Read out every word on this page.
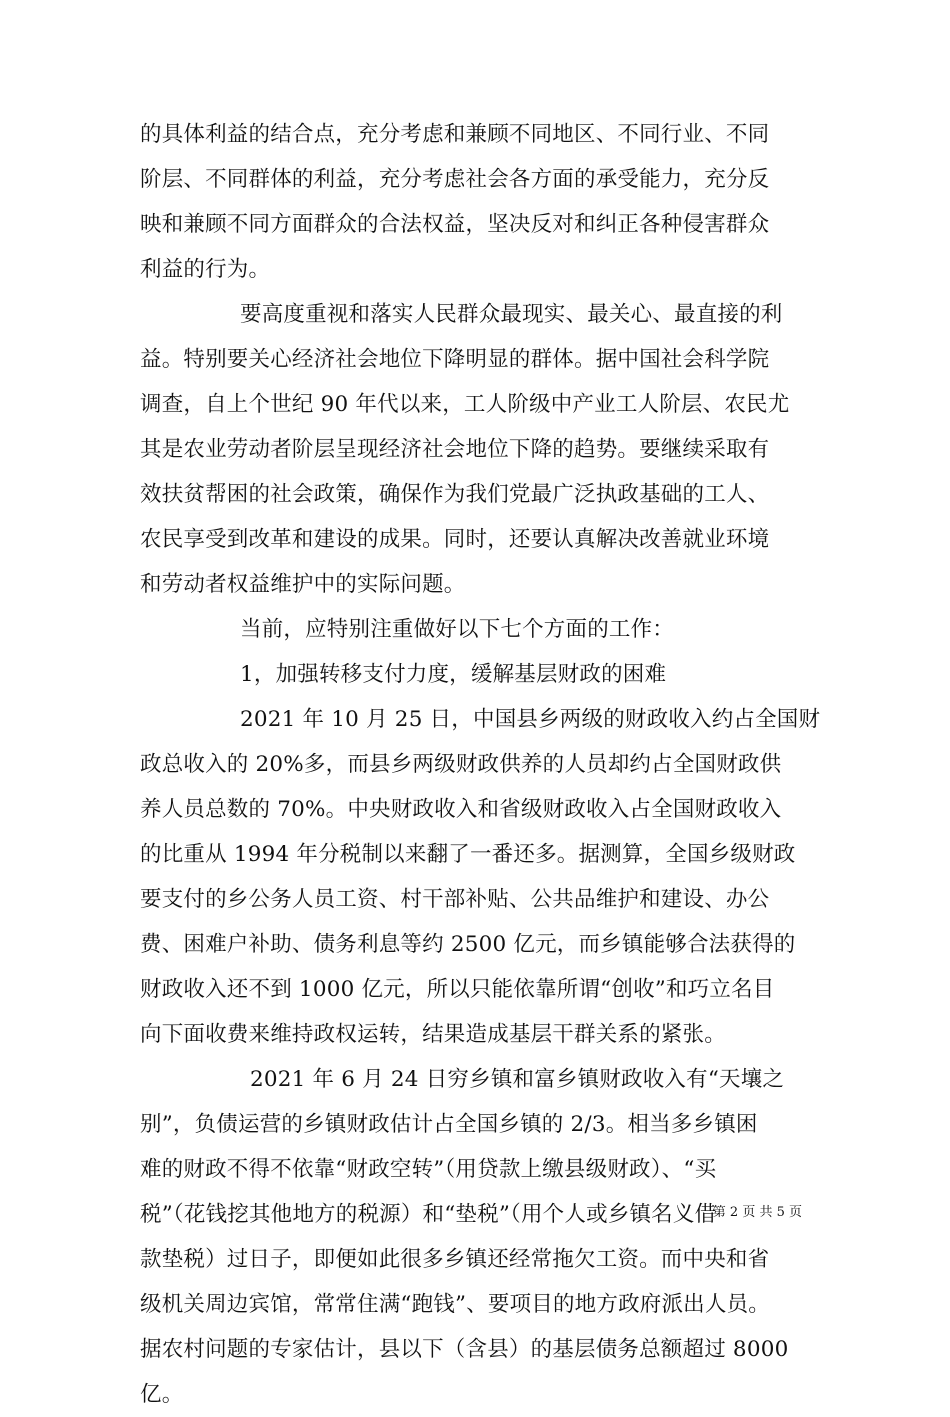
的具体利益的结合点，充分考虑和兼顾不同地区、不同行业、不同
阶层、不同群体的利益，充分考虑社会各方面的承受能力，充分反
映和兼顾不同方面群众的合法权益，坚决反对和纠正各种侵害群众
利益的行为。
要高度重视和落实人民群众最现实、最关心、最直接的利
益。特别要关心经济社会地位下降明显的群体。据中国社会科学院
调查，自上个世纪 90 年代以来，工人阶级中产业工人阶层、农民尤
其是农业劳动者阶层呈现经济社会地位下降的趋势。要继续采取有
效扶贫帮困的社会政策，确保作为我们党最广泛执政基础的工人、
农民享受到改革和建设的成果。同时，还要认真解决改善就业环境
和劳动者权益维护中的实际问题。
当前，应特别注重做好以下七个方面的工作：
1，加强转移支付力度，缓解基层财政的困难
2021 年 10 月 25 日，中国县乡两级的财政收入约占全国财
政总收入的 20%多，而县乡两级财政供养的人员却约占全国财政供
养人员总数的 70%。中央财政收入和省级财政收入占全国财政收入
的比重从 1994 年分税制以来翻了一番还多。据测算，全国乡级财政
要支付的乡公务人员工资、村干部补贴、公共品维护和建设、办公
费、困难户补助、债务利息等约 2500 亿元，而乡镇能够合法获得的
财政收入还不到 1000 亿元，所以只能依靠所谓“创收”和巧立名目
向下面收费来维持政权运转，结果造成基层干群关系的紧张。
2021 年 6 月 24 日穷乡镇和富乡镇财政收入有“天壤之
别”，负债运营的乡镇财政估计占全国乡镇的 2/3。相当多乡镇困
难的财政不得不依靠“财政空转”（用贷款上缴县级财政）、“买
税”（花钱挖其他地方的税源）和“垫税”（用个人或乡镇名义借
款垫税）过日子，即便如此很多乡镇还经常拖欠工资。而中央和省
级机关周边宾馆，常常住满“跑钱”、要项目的地方政府派出人员。
据农村问题的专家估计，县以下（含县）的基层债务总额超过 8000
亿。
第 2 页 共 5 页
